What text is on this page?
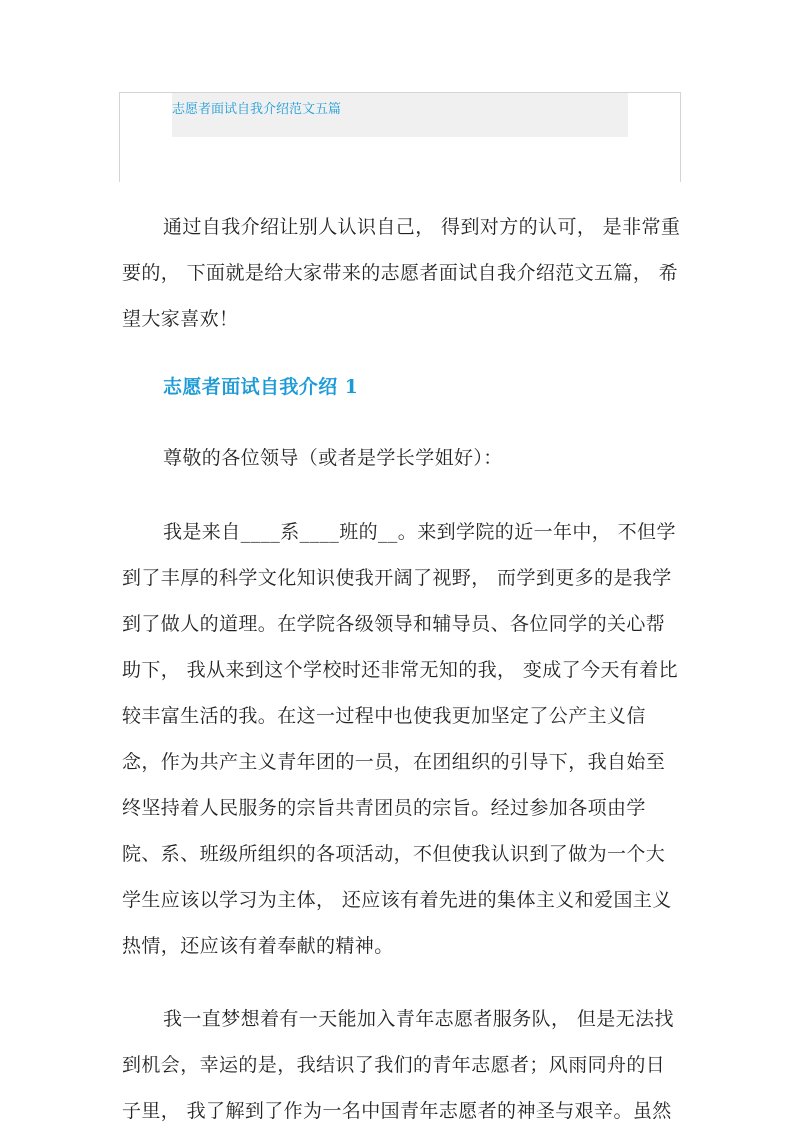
志愿者面试自我介绍范文五篇
通过自我介绍让别人认识自己， 得到对方的认可， 是非常重
要的， 下面就是给大家带来的志愿者面试自我介绍范文五篇， 希
望大家喜欢！
志愿者面试自我介绍 1
尊敬的各位领导（或者是学长学姐好）：
我是来自____系____班的__。来到学院的近一年中， 不但学
到了丰厚的科学文化知识使我开阔了视野， 而学到更多的是我学
到了做人的道理。在学院各级领导和辅导员、各位同学的关心帮
助下， 我从来到这个学校时还非常无知的我， 变成了今天有着比
较丰富生活的我。在这一过程中也使我更加坚定了公产主义信
念，作为共产主义青年团的一员，在团组织的引导下，我自始至
终坚持着人民服务的宗旨共青团员的宗旨。经过参加各项由学
院、系、班级所组织的各项活动，不但使我认识到了做为一个大
学生应该以学习为主体， 还应该有着先进的集体主义和爱国主义
热情，还应该有着奉献的精神。
我一直梦想着有一天能加入青年志愿者服务队， 但是无法找
到机会，幸运的是，我结识了我们的青年志愿者；风雨同舟的日
子里， 我了解到了作为一名中国青年志愿者的神圣与艰辛。虽然
